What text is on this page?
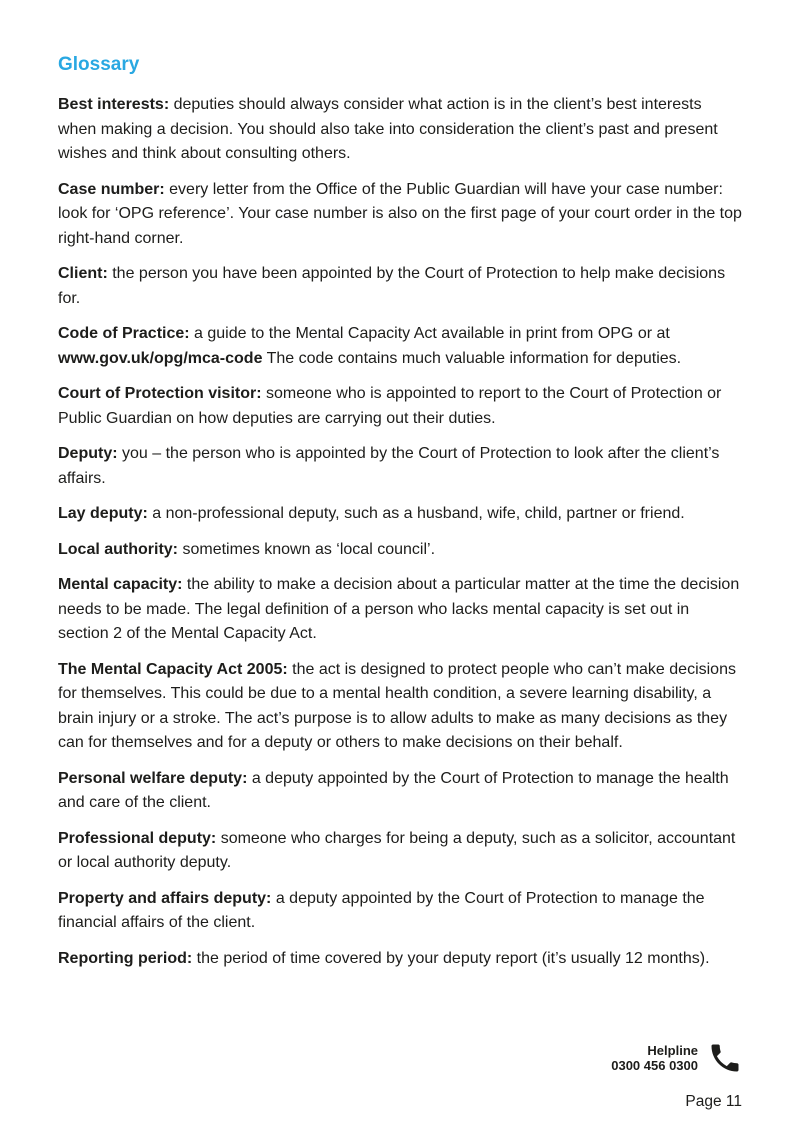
Glossary

Best interests: deputies should always consider what action is in the client’s best interests when making a decision. You should also take into consideration the client’s past and present wishes and think about consulting others.

Case number: every letter from the Office of the Public Guardian will have your case number: look for ‘OPG reference’. Your case number is also on the first page of your court order in the top right-hand corner.

Client: the person you have been appointed by the Court of Protection to help make decisions for.

Code of Practice: a guide to the Mental Capacity Act available in print from OPG or at www.gov.uk/opg/mca-code The code contains much valuable information for deputies.

Court of Protection visitor: someone who is appointed to report to the Court of Protection or Public Guardian on how deputies are carrying out their duties.

Deputy: you – the person who is appointed by the Court of Protection to look after the client’s affairs.

Lay deputy: a non-professional deputy, such as a husband, wife, child, partner or friend.

Local authority: sometimes known as ‘local council’.

Mental capacity: the ability to make a decision about a particular matter at the time the decision needs to be made. The legal definition of a person who lacks mental capacity is set out in section 2 of the Mental Capacity Act.

The Mental Capacity Act 2005: the act is designed to protect people who can’t make decisions for themselves. This could be due to a mental health condition, a severe learning disability, a brain injury or a stroke. The act’s purpose is to allow adults to make as many decisions as they can for themselves and for a deputy or others to make decisions on their behalf.

Personal welfare deputy: a deputy appointed by the Court of Protection to manage the health and care of the client.

Professional deputy: someone who charges for being a deputy, such as a solicitor, accountant or local authority deputy.

Property and affairs deputy: a deputy appointed by the Court of Protection to manage the financial affairs of the client.

Reporting period: the period of time covered by your deputy report (it’s usually 12 months).

Helpline
0300 456 0300
Page 11
